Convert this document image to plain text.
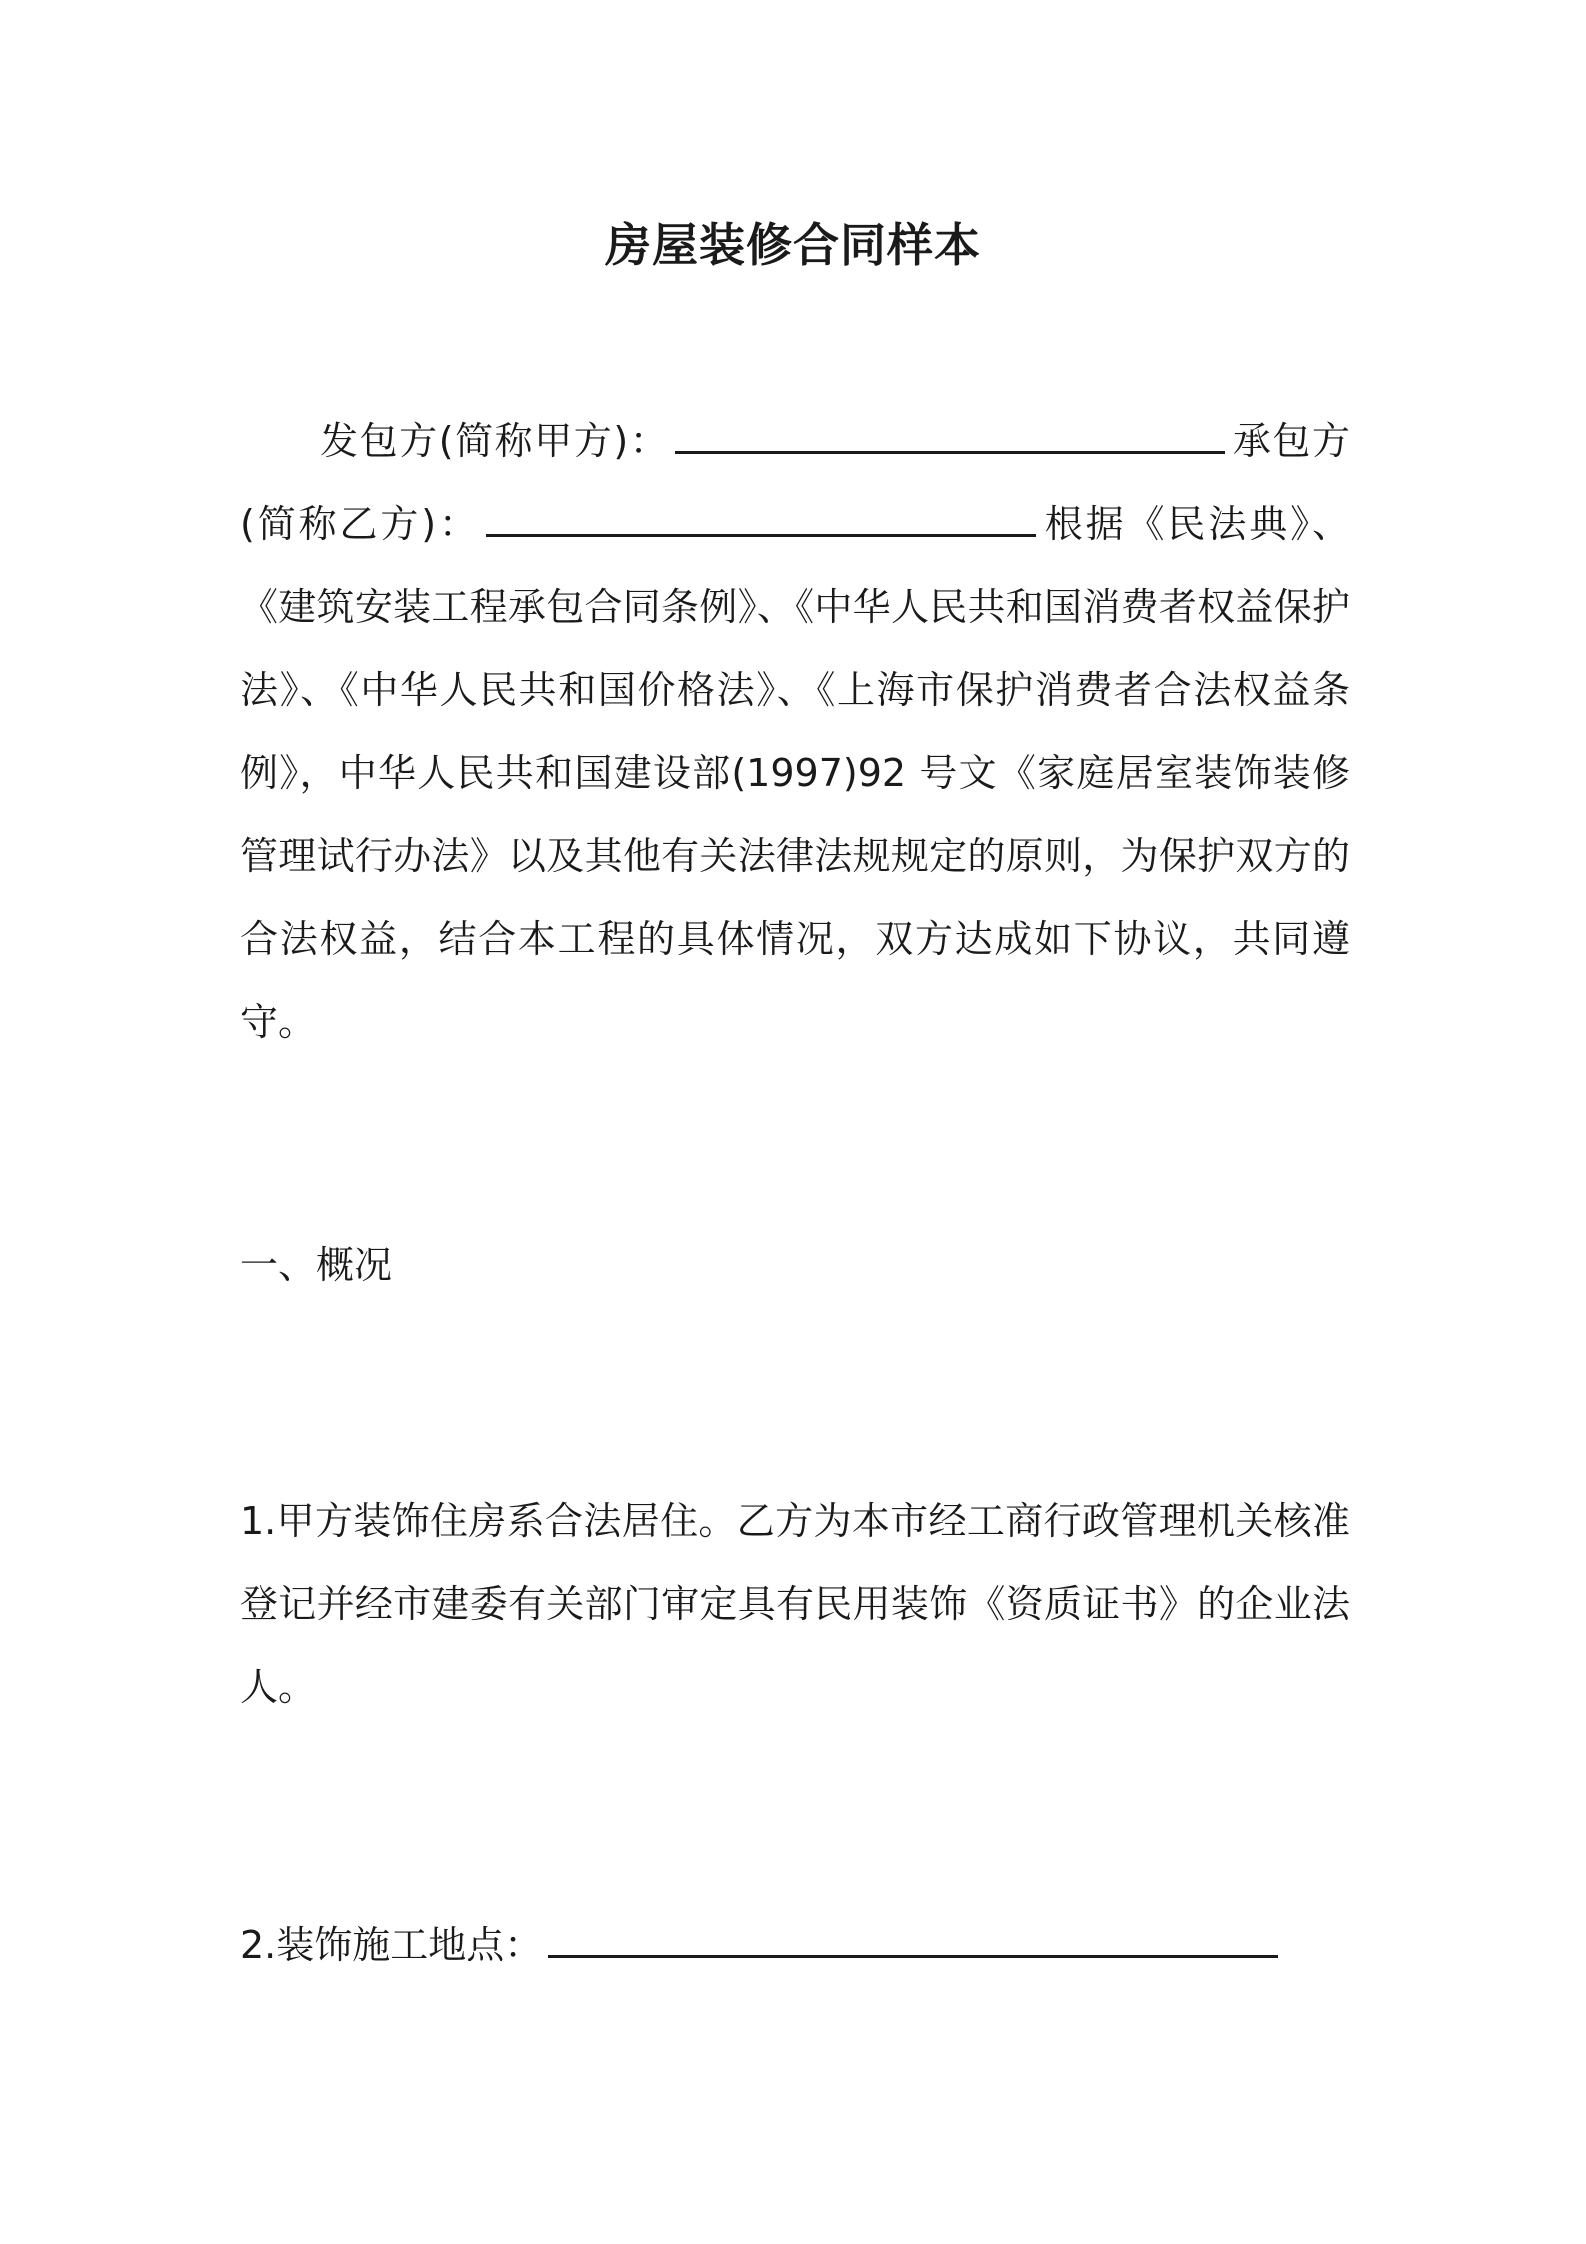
房屋装修合同样本

发包方(简称甲方)：	承包方(简称乙方)：	根据《民法典》、《建筑安装工程承包合同条例》、《中华人民共和国消费者权益保护法》、《中华人民共和国价格法》、《上海市保护消费者合法权益条例》，中华人民共和国建设部(1997)92 号文《家庭居室装饰装修管理试行办法》以及其他有关法律法规规定的原则，为保护双方的合法权益，结合本工程的具体情况，双方达成如下协议，共同遵守。

一、概况

1.甲方装饰住房系合法居住。乙方为本市经工商行政管理机关核准登记并经市建委有关部门审定具有民用装饰《资质证书》的企业法人。

2.装饰施工地点：
